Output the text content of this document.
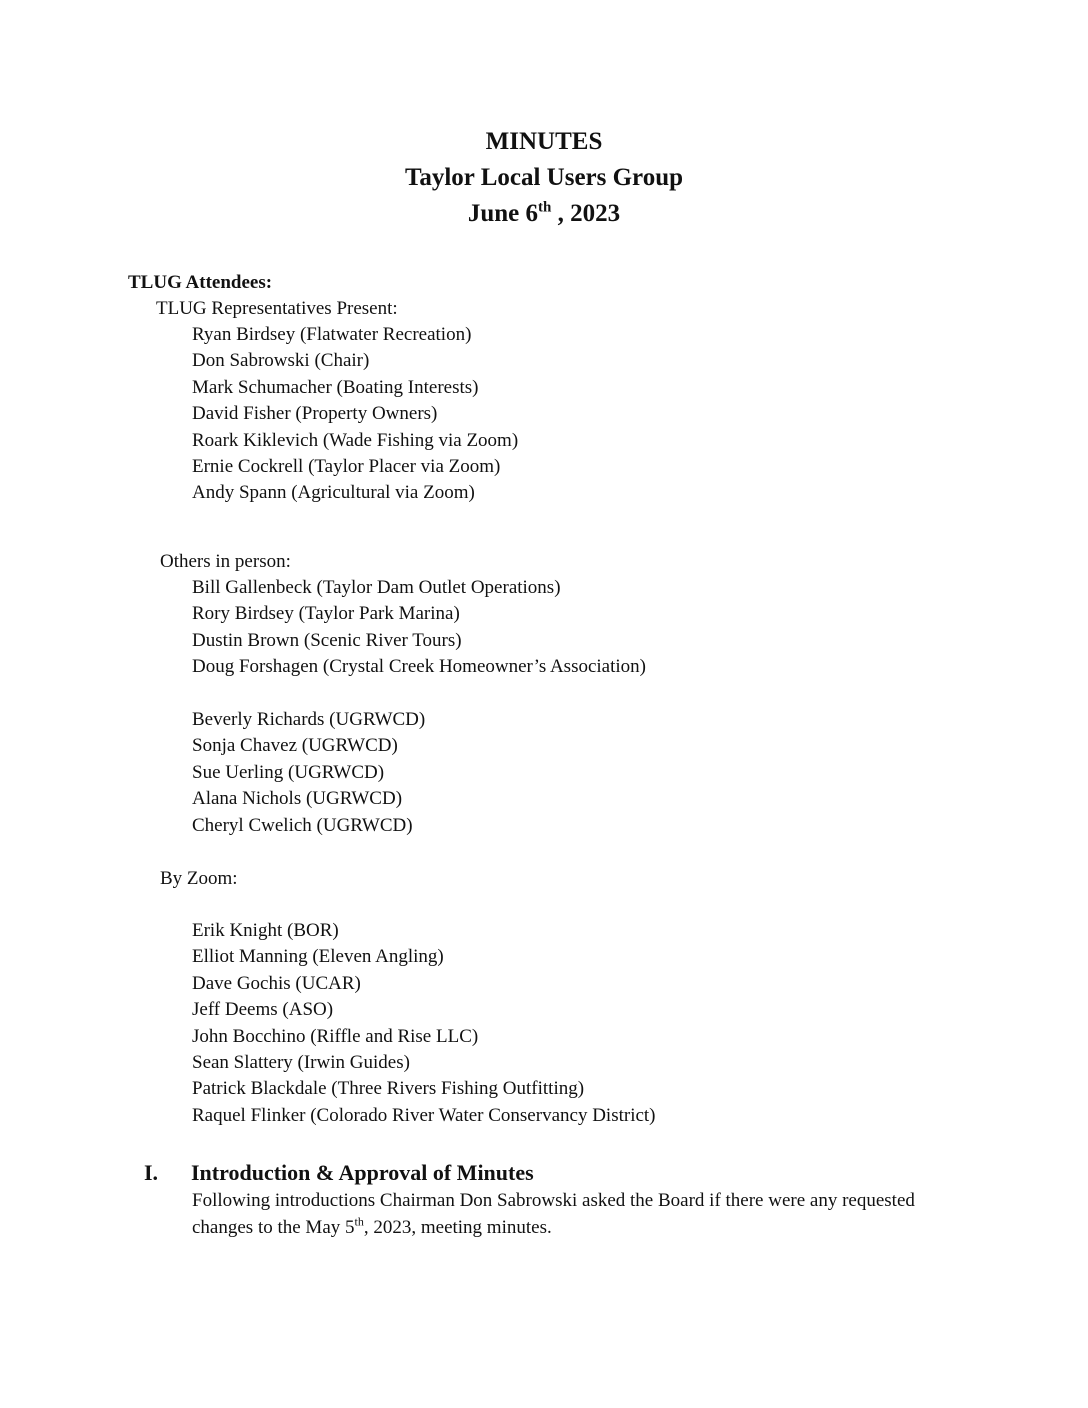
MINUTES
Taylor Local Users Group
June 6th , 2023
TLUG Attendees:
TLUG Representatives Present:
Ryan Birdsey (Flatwater Recreation)
Don Sabrowski (Chair)
Mark Schumacher (Boating Interests)
David Fisher (Property Owners)
Roark Kiklevich (Wade Fishing via Zoom)
Ernie Cockrell (Taylor Placer via Zoom)
Andy Spann (Agricultural via Zoom)
Others in person:
Bill Gallenbeck (Taylor Dam Outlet Operations)
Rory Birdsey (Taylor Park Marina)
Dustin Brown (Scenic River Tours)
Doug Forshagen (Crystal Creek Homeowner’s Association)
Beverly Richards (UGRWCD)
Sonja Chavez (UGRWCD)
Sue Uerling (UGRWCD)
Alana Nichols (UGRWCD)
Cheryl Cwelich (UGRWCD)
By Zoom:
Erik Knight (BOR)
Elliot Manning (Eleven Angling)
Dave Gochis (UCAR)
Jeff Deems (ASO)
John Bocchino (Riffle and Rise LLC)
Sean Slattery (Irwin Guides)
Patrick Blackdale (Three Rivers Fishing Outfitting)
Raquel Flinker (Colorado River Water Conservancy District)
I. Introduction & Approval of Minutes
Following introductions Chairman Don Sabrowski asked the Board if there were any requested changes to the May 5th, 2023, meeting minutes.
